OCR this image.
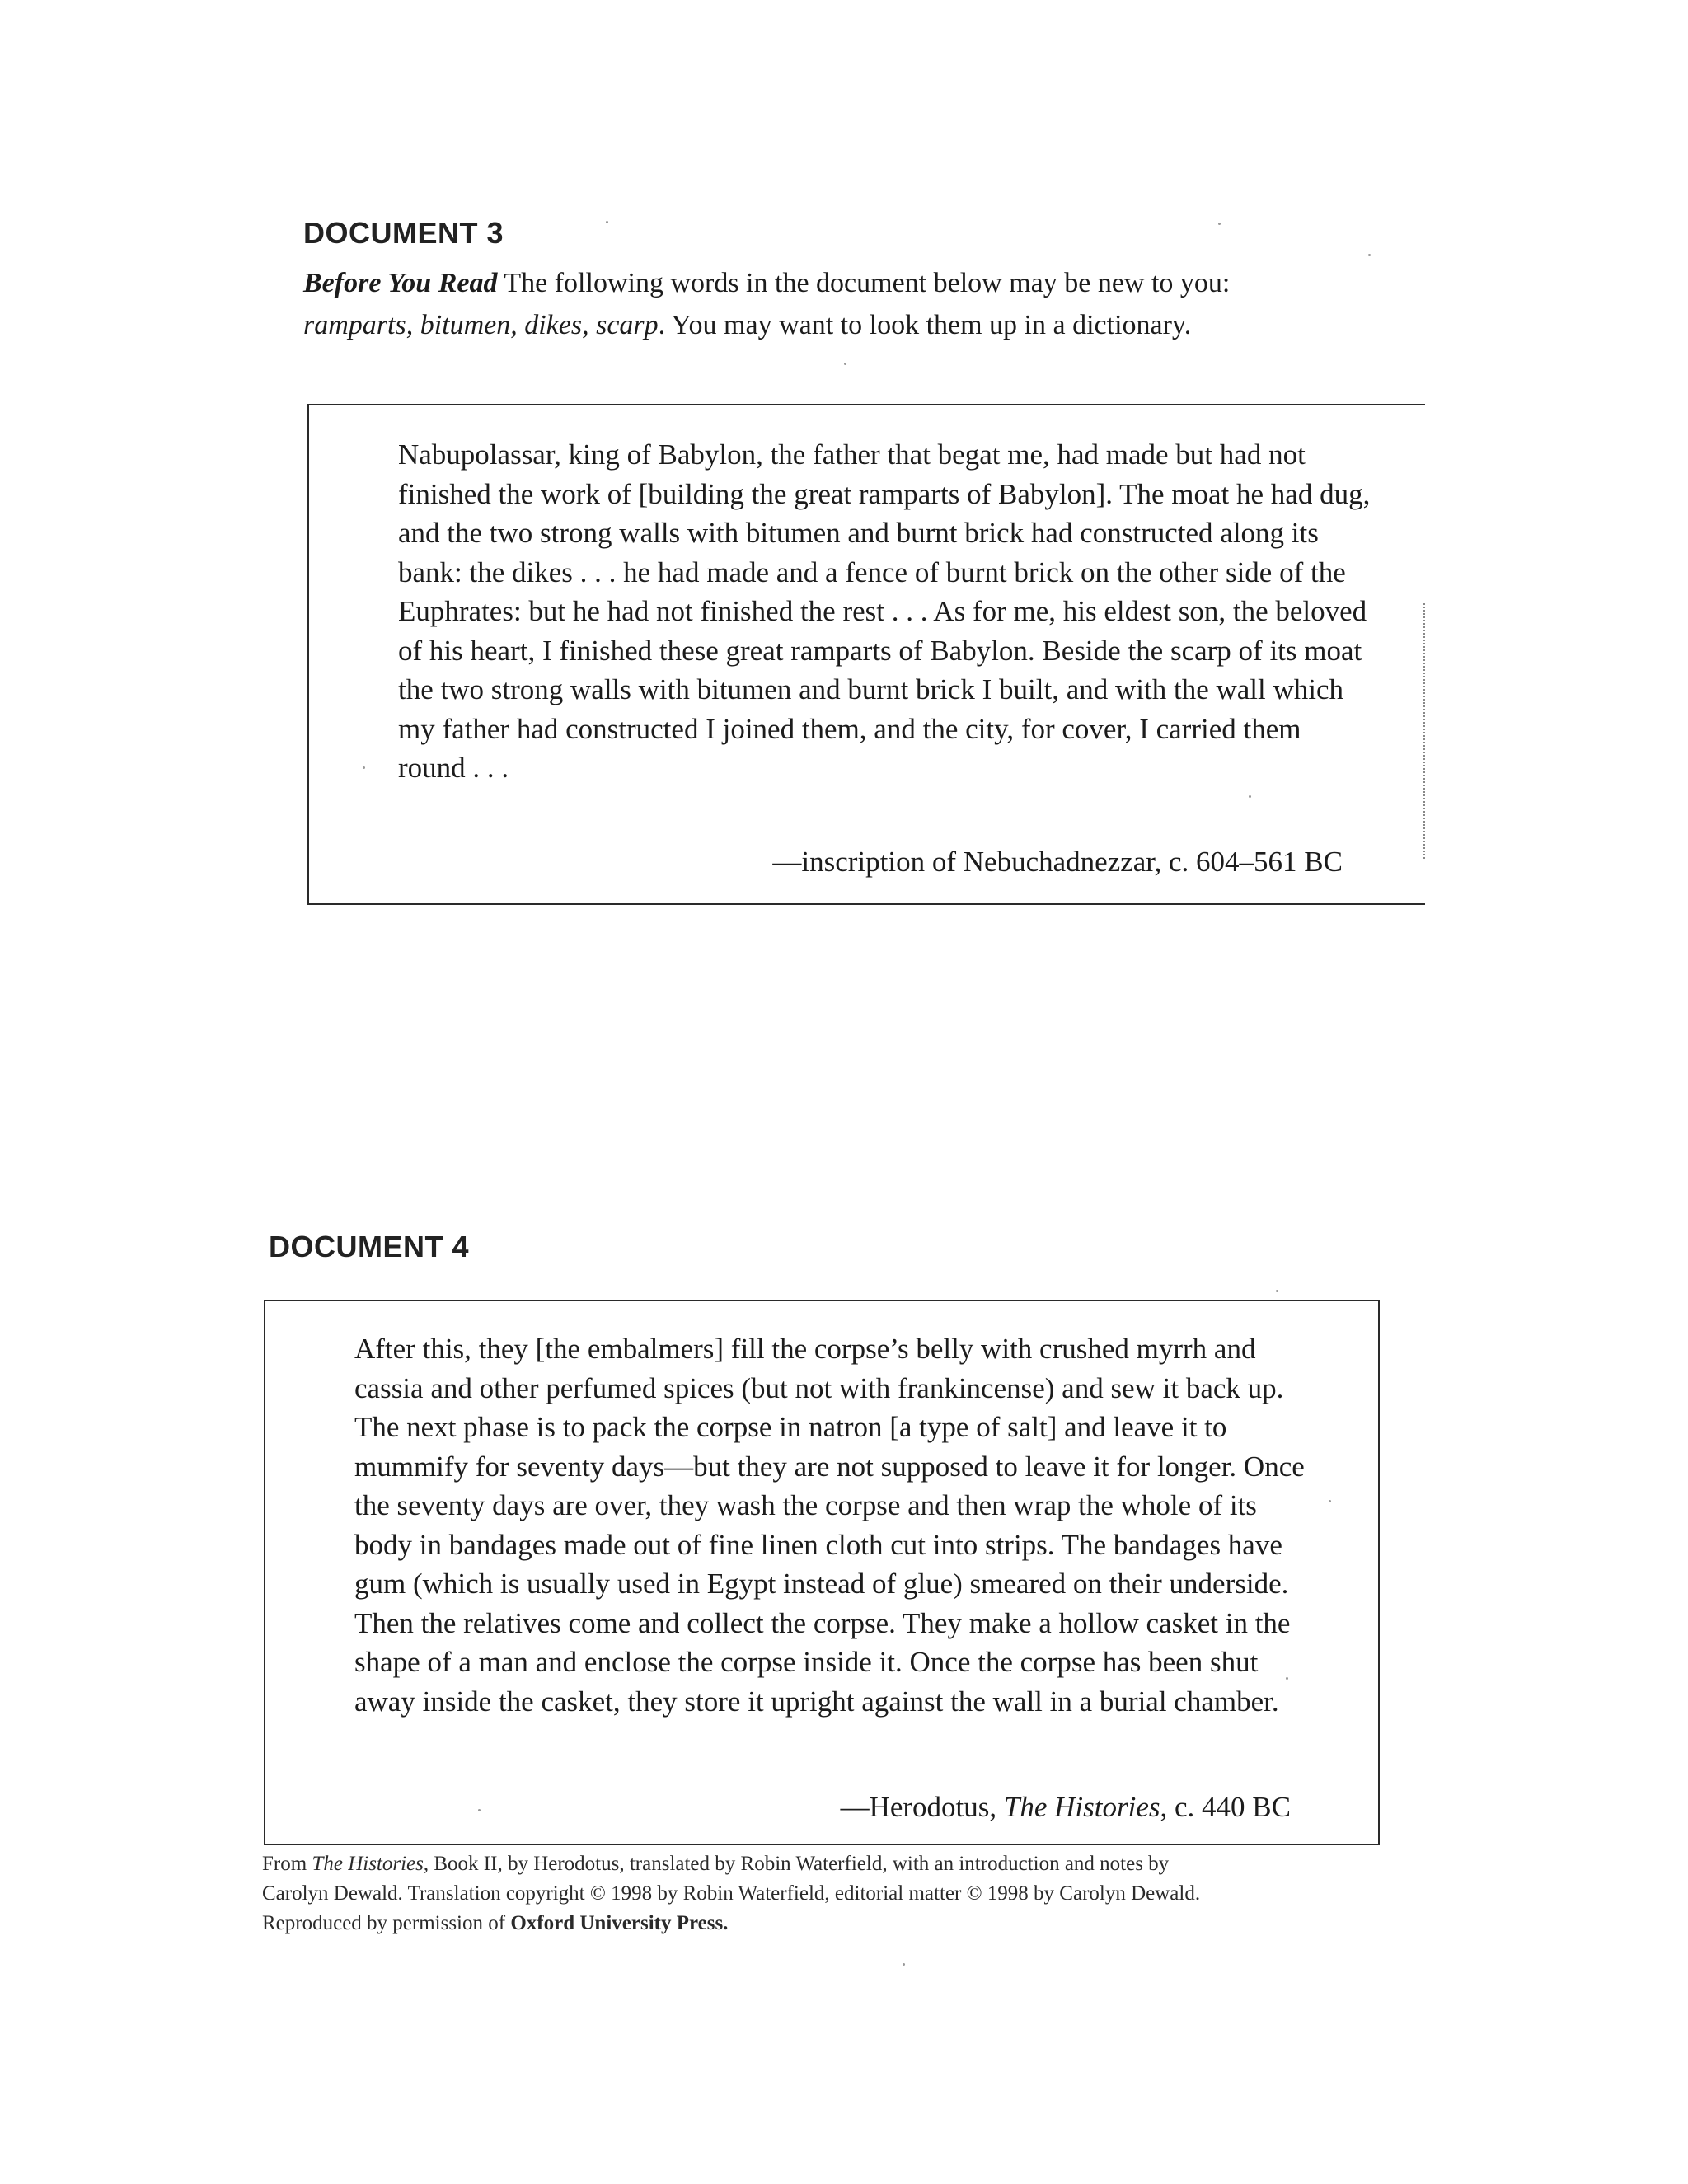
DOCUMENT 3

Before You Read The following words in the document below may be new to you: ramparts, bitumen, dikes, scarp. You may want to look them up in a dictionary.

Nabupolassar, king of Babylon, the father that begat me, had made but had not finished the work of [building the great ramparts of Babylon]. The moat he had dug, and the two strong walls with bitumen and burnt brick had constructed along its bank: the dikes . . . he had made and a fence of burnt brick on the other side of the Euphrates: but he had not finished the rest . . . As for me, his eldest son, the beloved of his heart, I finished these great ramparts of Babylon. Beside the scarp of its moat the two strong walls with bitumen and burnt brick I built, and with the wall which my father had constructed I joined them, and the city, for cover, I carried them round . . .

—inscription of Nebuchadnezzar, c. 604–561 BC

DOCUMENT 4

After this, they [the embalmers] fill the corpse’s belly with crushed myrrh and cassia and other perfumed spices (but not with frankincense) and sew it back up. The next phase is to pack the corpse in natron [a type of salt] and leave it to mummify for seventy days—but they are not supposed to leave it for longer. Once the seventy days are over, they wash the corpse and then wrap the whole of its body in bandages made out of fine linen cloth cut into strips. The bandages have gum (which is usually used in Egypt instead of glue) smeared on their underside. Then the relatives come and collect the corpse. They make a hollow casket in the shape of a man and enclose the corpse inside it. Once the corpse has been shut away inside the casket, they store it upright against the wall in a burial chamber.

—Herodotus, The Histories, c. 440 BC

From The Histories, Book II, by Herodotus, translated by Robin Waterfield, with an introduction and notes by Carolyn Dewald. Translation copyright © 1998 by Robin Waterfield, editorial matter © 1998 by Carolyn Dewald. Reproduced by permission of Oxford University Press.
